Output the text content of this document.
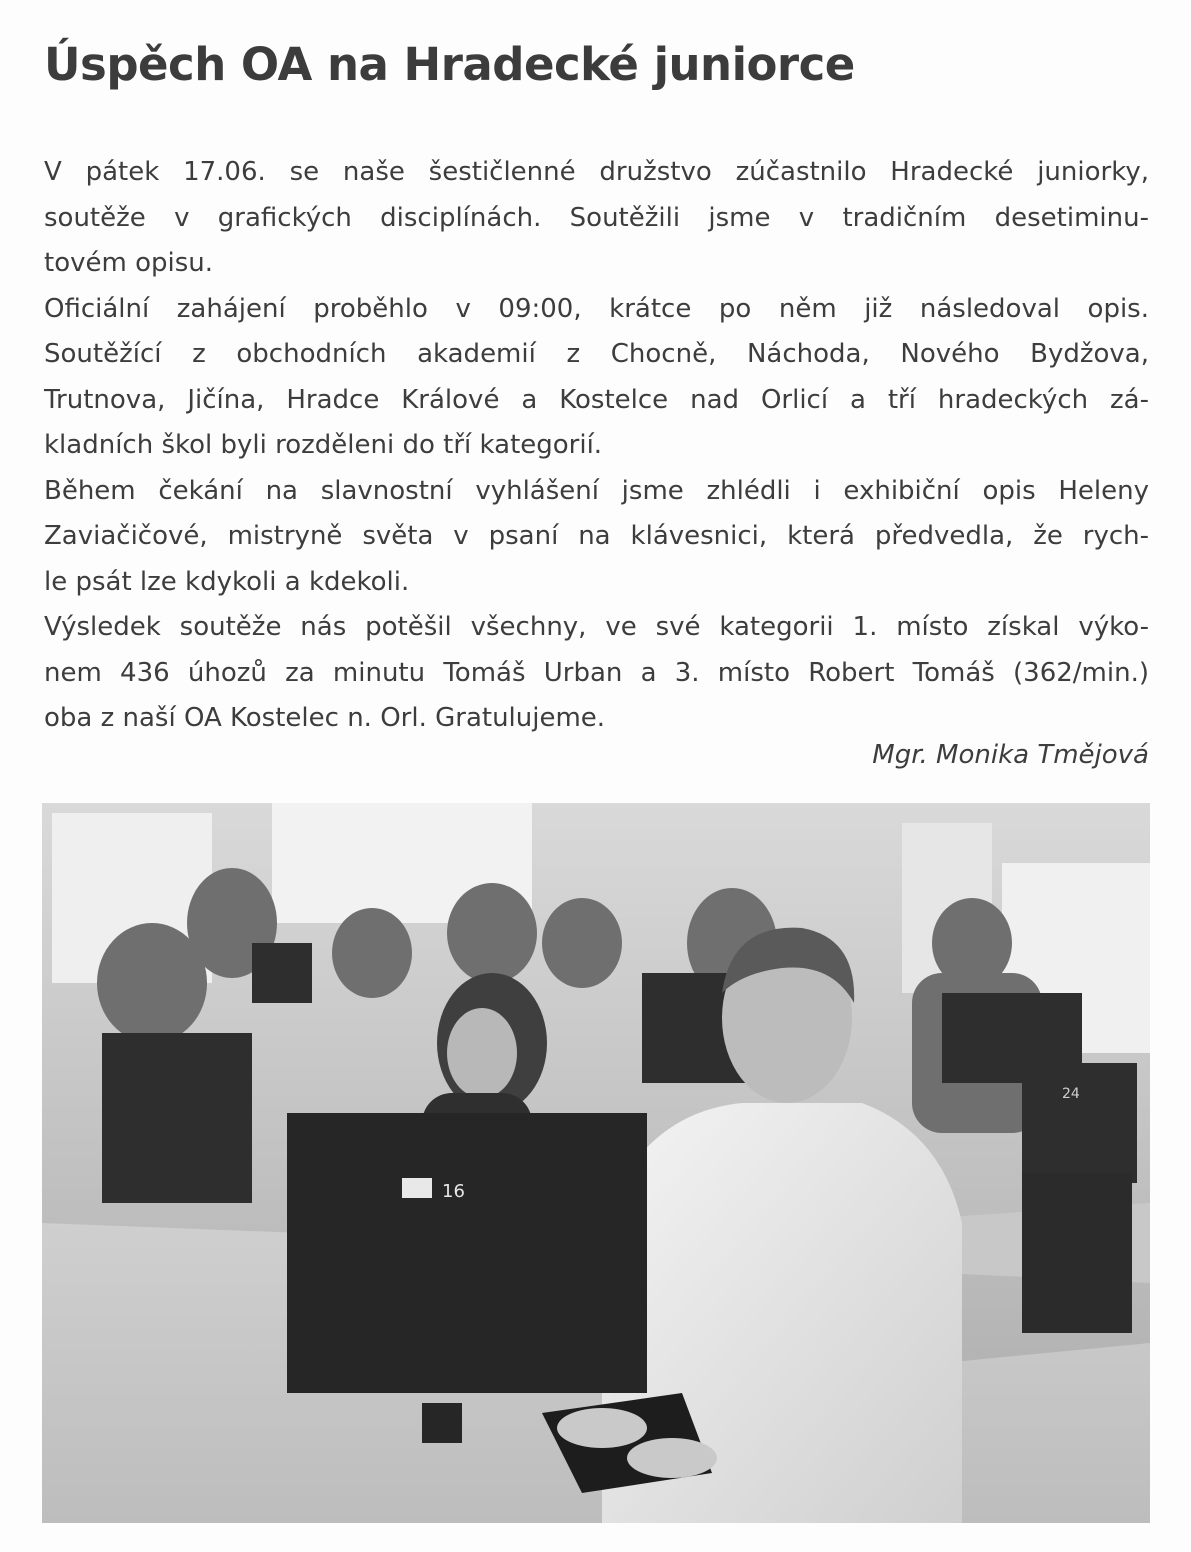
Úspěch OA na Hradecké juniorce
V pátek 17.06. se naše šestičlenné družstvo zúčastnilo Hradecké juniorky,
soutěže v grafických disciplínách. Soutěžili jsme v tradičním desetiminu-
tovém opisu.
Oficiální zahájení proběhlo v 09:00, krátce po něm již následoval opis.
Soutěžící z obchodních akademií z Chocně, Náchoda, Nového Bydžova,
Trutnova, Jičína, Hradce Králové a Kostelce nad Orlicí a tří hradeckých zá-
kladních škol byli rozděleni do tří kategorií.
Během čekání na slavnostní vyhlášení jsme zhlédli i exhibiční opis Heleny
Zaviačičové, mistryně světa v psaní na klávesnici, která předvedla, že rych-
le psát lze kdykoli a kdekoli.
Výsledek soutěže nás potěšil všechny, ve své kategorii 1. místo získal výko-
nem 436 úhozů za minutu Tomáš Urban a 3. místo Robert Tomáš (362/min.)
oba z naší OA Kostelec n. Orl. Gratulujeme.
Mgr. Monika Tmějová
24
16
